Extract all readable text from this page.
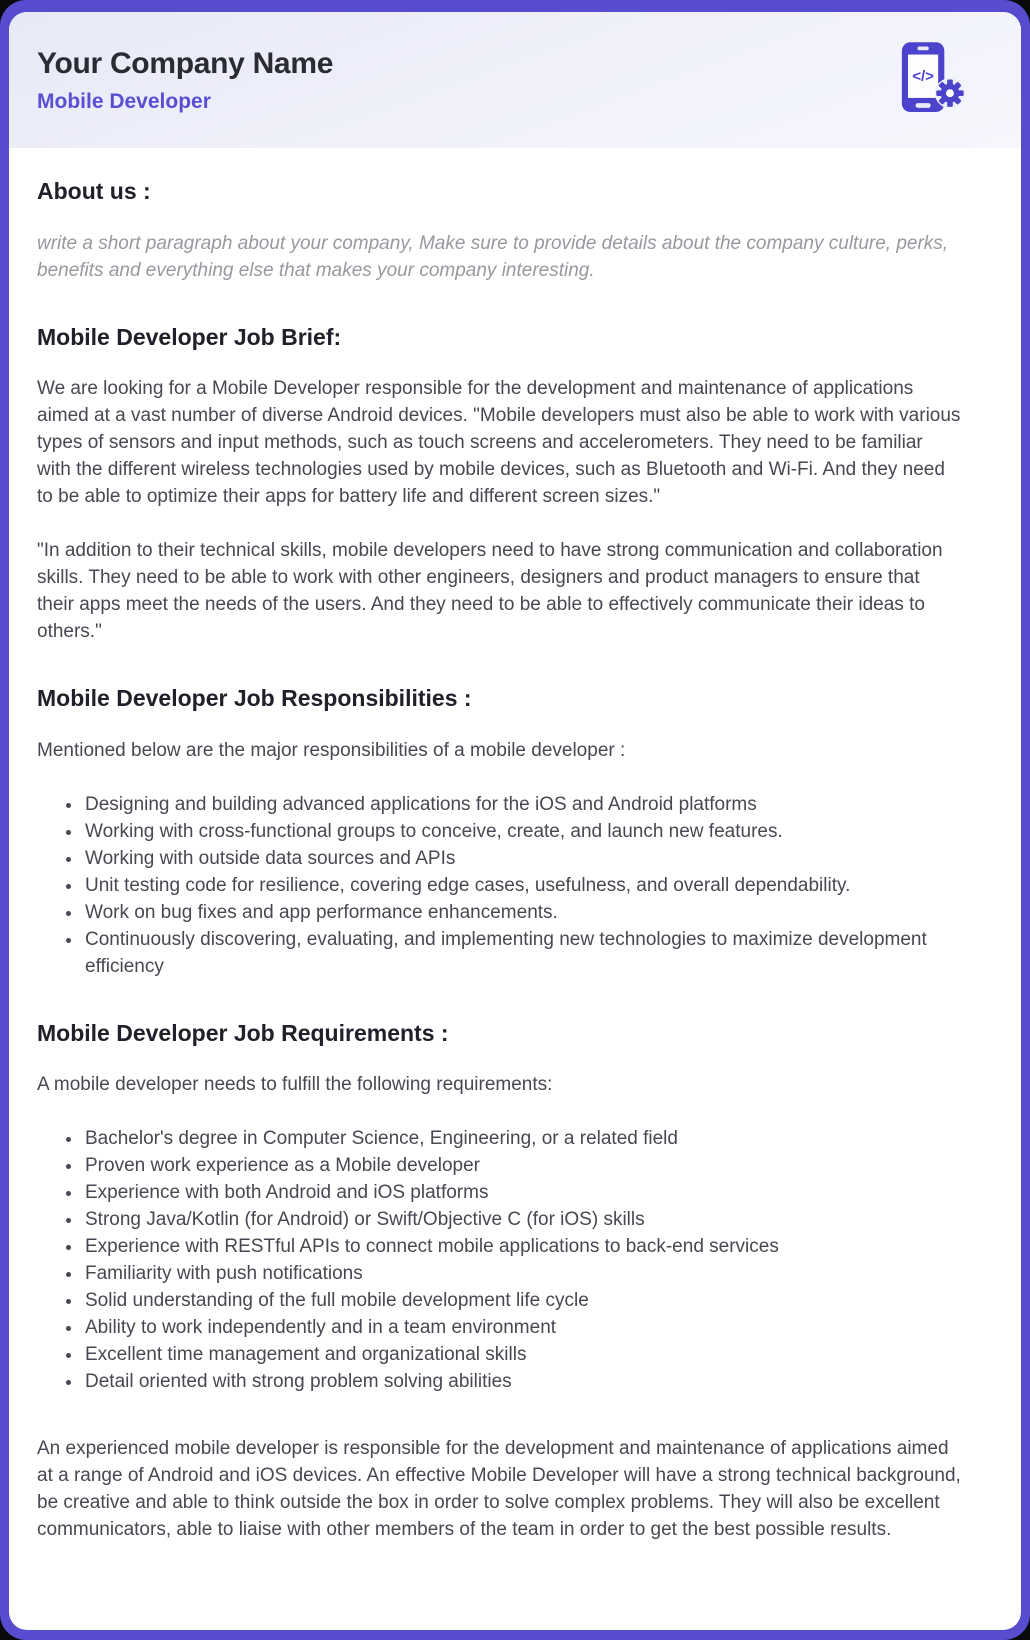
Your Company Name
Mobile Developer
</>
About us :

write a short paragraph about your company, Make sure to provide details about the company culture, perks, benefits and everything else that makes your company interesting.

Mobile Developer Job Brief:

We are looking for a Mobile Developer responsible for the development and maintenance of applications aimed at a vast number of diverse Android devices. "Mobile developers must also be able to work with various types of sensors and input methods, such as touch screens and accelerometers. They need to be familiar with the different wireless technologies used by mobile devices, such as Bluetooth and Wi-Fi. And they need to be able to optimize their apps for battery life and different screen sizes."

"In addition to their technical skills, mobile developers need to have strong communication and collaboration skills. They need to be able to work with other engineers, designers and product managers to ensure that their apps meet the needs of the users. And they need to be able to effectively communicate their ideas to others."

Mobile Developer Job Responsibilities :

Mentioned below are the major responsibilities of a mobile developer :

• Designing and building advanced applications for the iOS and Android platforms
• Working with cross-functional groups to conceive, create, and launch new features.
• Working with outside data sources and APIs
• Unit testing code for resilience, covering edge cases, usefulness, and overall dependability.
• Work on bug fixes and app performance enhancements.
• Continuously discovering, evaluating, and implementing new technologies to maximize development efficiency
Mobile Developer Job Requirements :

A mobile developer needs to fulfill the following requirements:

• Bachelor's degree in Computer Science, Engineering, or a related field
• Proven work experience as a Mobile developer
• Experience with both Android and iOS platforms
• Strong Java/Kotlin (for Android) or Swift/Objective C (for iOS) skills
• Experience with RESTful APIs to connect mobile applications to back-end services
• Familiarity with push notifications
• Solid understanding of the full mobile development life cycle
• Ability to work independently and in a team environment
• Excellent time management and organizational skills
• Detail oriented with strong problem solving abilities

An experienced mobile developer is responsible for the development and maintenance of applications aimed at a range of Android and iOS devices. An effective Mobile Developer will have a strong technical background, be creative and able to think outside the box in order to solve complex problems. They will also be excellent communicators, able to liaise with other members of the team in order to get the best possible results.
